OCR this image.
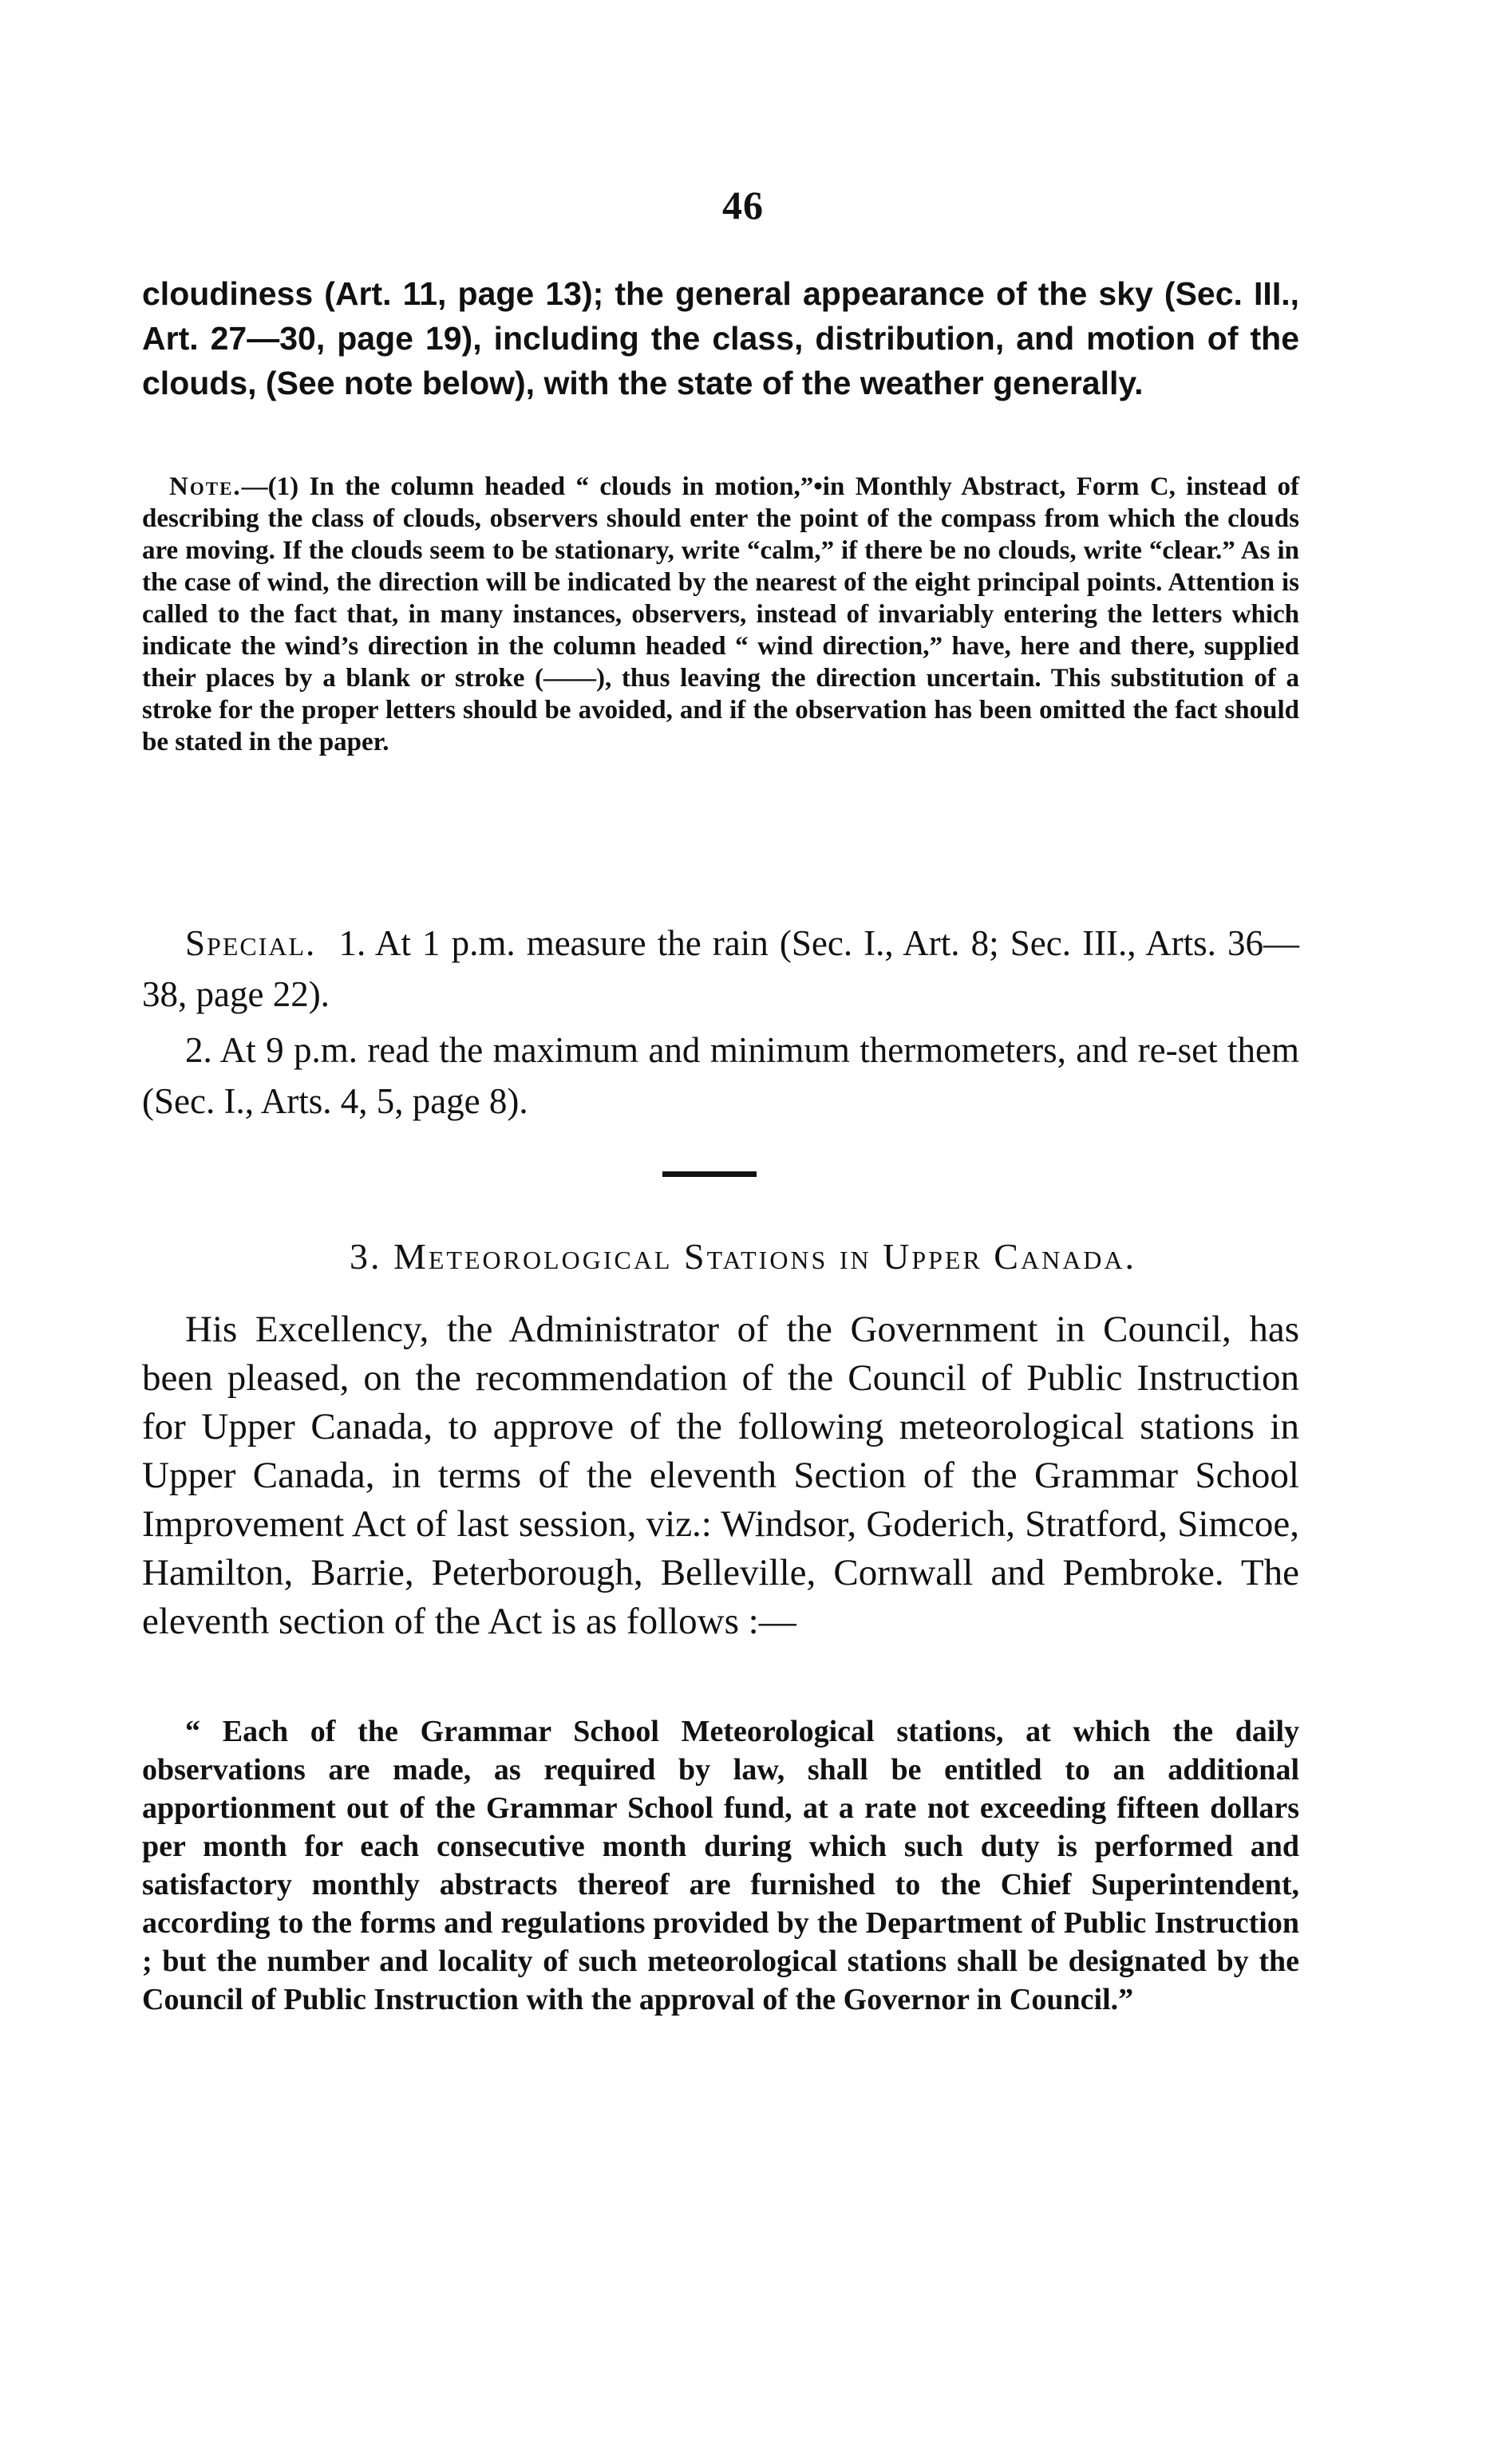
46

cloudiness (Art. 11, page 13); the general appearance of the sky (Sec. III., Art. 27—30, page 19), including the class, distribution, and motion of the clouds, (See note below), with the state of the weather generally.

Note.—(1) In the column headed “ clouds in motion,”•in Monthly Abstract, Form C, instead of describing the class of clouds, observers should enter the point of the compass from which the clouds are moving. If the clouds seem to be stationary, write “calm,” if there be no clouds, write “clear.” As in the case of wind, the direction will be indicated by the nearest of the eight principal points. Attention is called to the fact that, in many instances, observers, instead of invariably entering the letters which indicate the wind’s direction in the column headed “ wind direction,” have, here and there, supplied their places by a blank or stroke (——), thus leaving the direction uncertain. This substitution of a stroke for the proper letters should be avoided, and if the observation has been omitted the fact should be stated in the paper.

Special. 1. At 1 p.m. measure the rain (Sec. I., Art. 8; Sec. III., Arts. 36—38, page 22).

2. At 9 p.m. read the maximum and minimum thermometers, and re-set them (Sec. I., Arts. 4, 5, page 8).

3. Meteorological Stations in Upper Canada.

His Excellency, the Administrator of the Government in Council, has been pleased, on the recommendation of the Council of Public Instruction for Upper Canada, to approve of the following meteorological stations in Upper Canada, in terms of the eleventh Section of the Grammar School Improvement Act of last session, viz.: Windsor, Goderich, Stratford, Simcoe, Hamilton, Barrie, Peterborough, Belleville, Cornwall and Pembroke. The eleventh section of the Act is as follows :—

“ Each of the Grammar School Meteorological stations, at which the daily observations are made, as required by law, shall be entitled to an additional apportionment out of the Grammar School fund, at a rate not exceeding fifteen dollars per month for each consecutive month during which such duty is performed and satisfactory monthly abstracts thereof are furnished to the Chief Superintendent, according to the forms and regulations provided by the Department of Public Instruction ; but the number and locality of such meteorological stations shall be designated by the Council of Public Instruction with the approval of the Governor in Council.”
